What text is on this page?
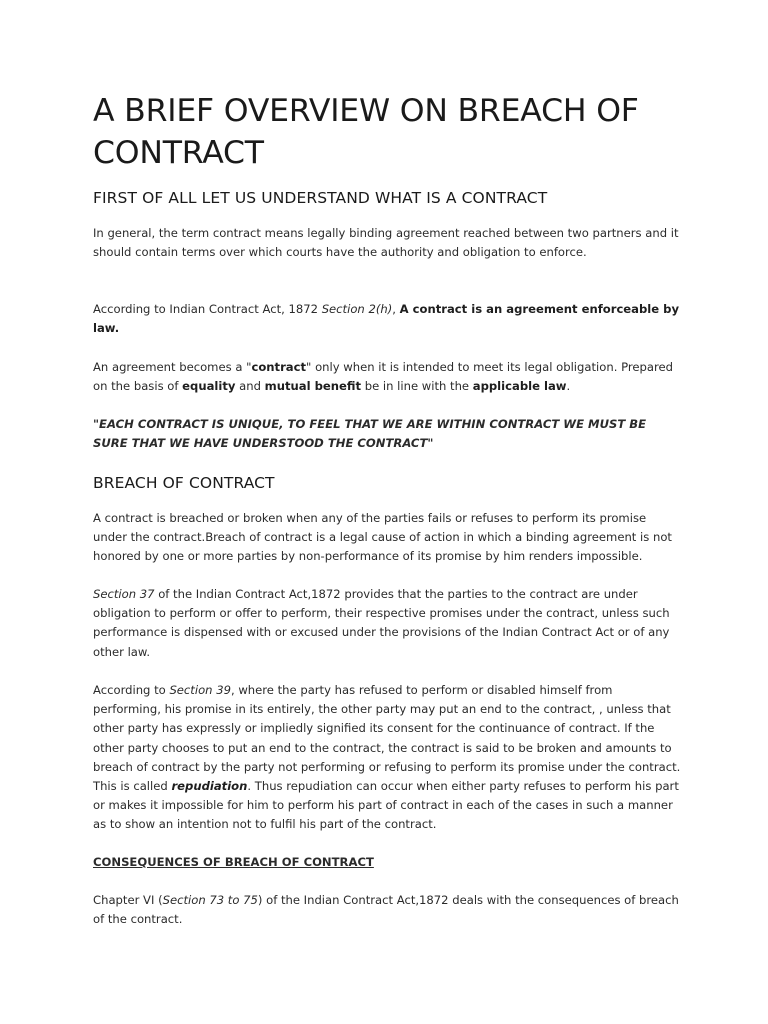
A BRIEF OVERVIEW ON BREACH OF CONTRACT
FIRST OF ALL LET US UNDERSTAND WHAT IS A CONTRACT

In general, the term contract means legally binding agreement reached between two partners and it should contain terms over which courts have the authority and obligation to enforce.

According to Indian Contract Act, 1872 Section 2(h), A contract is an agreement enforceable by law.

An agreement becomes a "contract" only when it is intended to meet its legal obligation. Prepared on the basis of equality and mutual benefit be in line with the applicable law.

"EACH CONTRACT IS UNIQUE, TO FEEL THAT WE ARE WITHIN CONTRACT WE MUST BE SURE THAT WE HAVE UNDERSTOOD THE CONTRACT"

BREACH OF CONTRACT

A contract is breached or broken when any of the parties fails or refuses to perform its promise under the contract.Breach of contract is a legal cause of action in which a binding agreement is not honored by one or more parties by non-performance of its promise by him renders impossible.

Section 37 of the Indian Contract Act,1872 provides that the parties to the contract are under obligation to perform or offer to perform, their respective promises under the contract, unless such performance is dispensed with or excused under the provisions of the Indian Contract Act or of any other law.

According to Section 39, where the party has refused to perform or disabled himself from performing, his promise in its entirely, the other party may put an end to the contract, , unless that other party has expressly or impliedly signified its consent for the continuance of contract. If the other party chooses to put an end to the contract, the contract is said to be broken and amounts to breach of contract by the party not performing or refusing to perform its promise under the contract. This is called repudiation. Thus repudiation can occur when either party refuses to perform his part or makes it impossible for him to perform his part of contract in each of the cases in such a manner as to show an intention not to fulfil his part of the contract.

CONSEQUENCES OF BREACH OF CONTRACT

Chapter VI (Section 73 to 75) of the Indian Contract Act,1872 deals with the consequences of breach of the contract.
